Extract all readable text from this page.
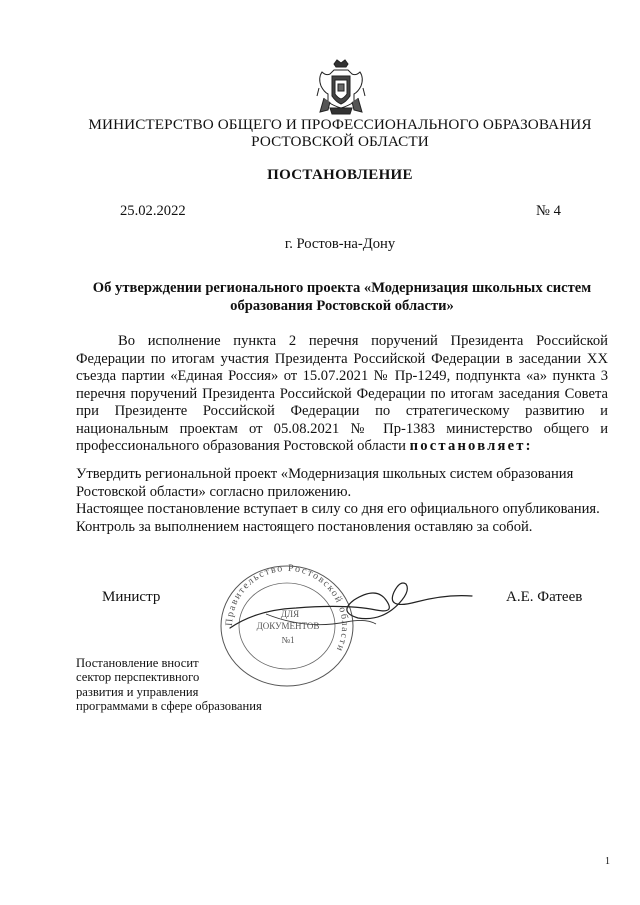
МИНИСТЕРСТВО ОБЩЕГО И ПРОФЕССИОНАЛЬНОГО ОБРАЗОВАНИЯ
РОСТОВСКОЙ ОБЛАСТИ
ПОСТАНОВЛЕНИЕ
25.02.2022	№ 4
г. Ростов-на-Дону
Об утверждении регионального проекта «Модернизация школьных систем
образования Ростовской области»
Во исполнение пункта 2 перечня поручений Президента Российской Федерации по итогам участия Президента Российской Федерации в заседании XX съезда партии «Единая Россия» от 15.07.2021 № Пр-1249, подпункта «а» пункта 3 перечня поручений Президента Российской Федерации по итогам заседания Совета при Президенте Российской Федерации по стратегическому развитию и национальным проектам от 05.08.2021 № Пр-1383 министерство общего и профессионального образования Ростовской области постановляет:

Утвердить региональной проект «Модернизация школьных систем образования Ростовской области» согласно приложению.

Настоящее постановление вступает в силу со дня его официального опубликования.

Контроль за выполнением настоящего постановления оставляю за собой.

Министр	А.Е. Фатеев
Правительство Ростовской области
ДЛЯ
ДОКУМЕНТОВ
№1
Постановление вносит
сектор перспективного
развития и управления
программами в сфере образования
1
